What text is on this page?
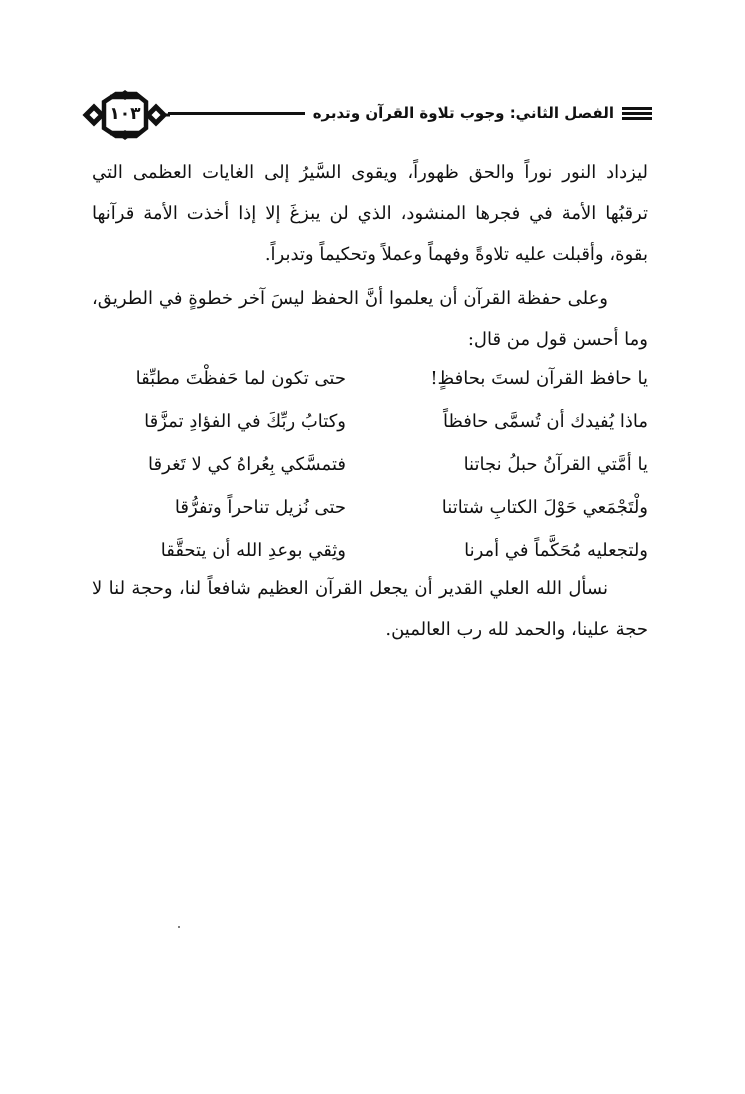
١٠٣	الفصل الثاني: وجوب تلاوة القرآن وتدبره
ليزداد النور نوراً والحق ظهوراً، ويقوى السَّيرُ إلى الغايات العظمى التي ترقبُها الأمة في فجرها المنشود، الذي لن يبزغَ إلا إذا أخذت الأمة قرآنها بقوة، وأقبلت عليه تلاوةً وفهماً وعملاً وتحكيماً وتدبراً.
وعلى حفظة القرآن أن يعلموا أنَّ الحفظ ليسَ آخر خطوةٍ في الطريق، وما أحسن قول من قال:
يا حافظ القرآن لستَ بحافظٍ!
حتى تكون لما حَفظْتَ مطبِّقا
ماذا يُفيدك أن تُسمَّى حافظاً
وكتابُ ربِّكَ في الفؤادِ تمزَّقا
يا أمَّتي القرآنُ حبلُ نجاتنا
فتمسَّكي بِعُراهُ كي لا تَغرقا
ولْتَجْمَعي حَوْلَ الكتابِ شتاتنا
حتى نُزيل تناحراً وتفرُّقا
ولتجعليه مُحَكَّماً في أمرنا
وثِقي بوعدِ الله أن يتحقَّقا
نسأل الله العلي القدير أن يجعل القرآن العظيم شافعاً لنا، وحجة لنا لا حجة علينا، والحمد لله رب العالمين.
